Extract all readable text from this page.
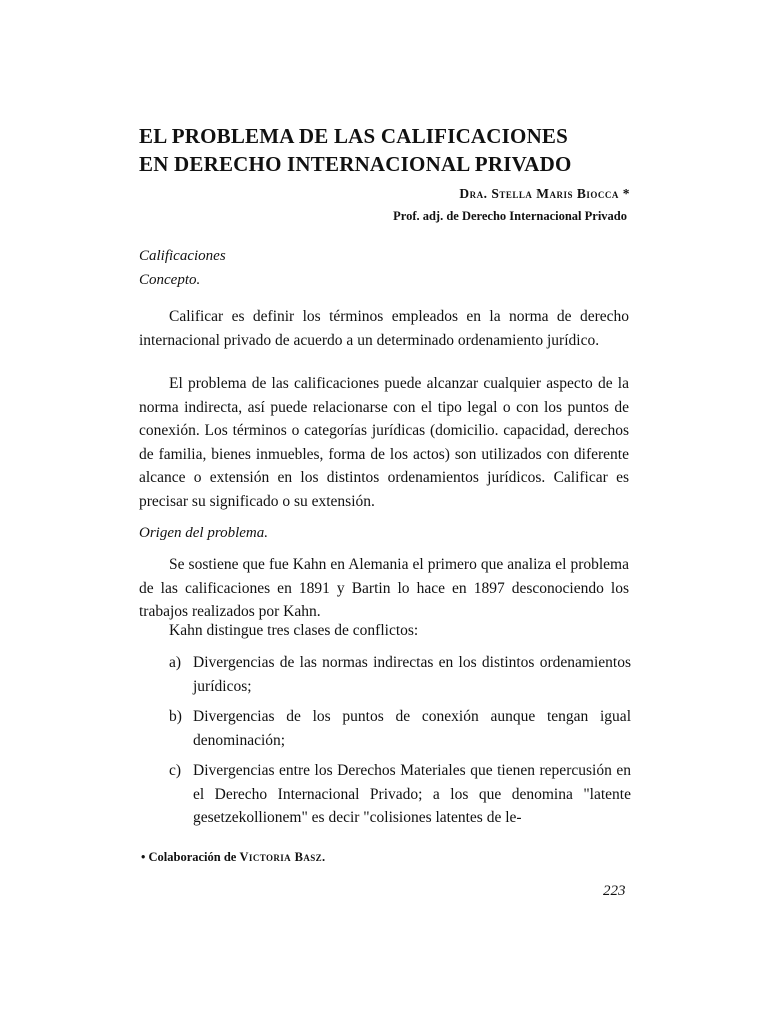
EL PROBLEMA DE LAS CALIFICACIONES
EN DERECHO INTERNACIONAL PRIVADO
Dra. Stella Maris Biocca *
Prof. adj. de Derecho Internacional Privado
Calificaciones
Concepto.

Calificar es definir los términos empleados en la norma de derecho internacional privado de acuerdo a un determinado ordenamiento jurídico.

El problema de las calificaciones puede alcanzar cualquier aspecto de la norma indirecta, así puede relacionarse con el tipo legal o con los puntos de conexión. Los términos o categorías jurídicas (domicilio. capacidad, derechos de familia, bienes inmuebles, forma de los actos) son utilizados con diferente alcance o extensión en los distintos ordenamientos jurídicos. Calificar es precisar su significado o su extensión.

Origen del problema.

Se sostiene que fue Kahn en Alemania el primero que analiza el problema de las calificaciones en 1891 y Bartin lo hace en 1897 desconociendo los trabajos realizados por Kahn.

Kahn distingue tres clases de conflictos:
a) Divergencias de las normas indirectas en los distintos ordenamientos jurídicos;
b) Divergencias de los puntos de conexión aunque tengan igual denominación;
c) Divergencias entre los Derechos Materiales que tienen repercusión en el Derecho Internacional Privado; a los que denomina "latente gesetzekollionem" es decir "colisiones latentes de le-
• Colaboración de Victoria Basz.
223
